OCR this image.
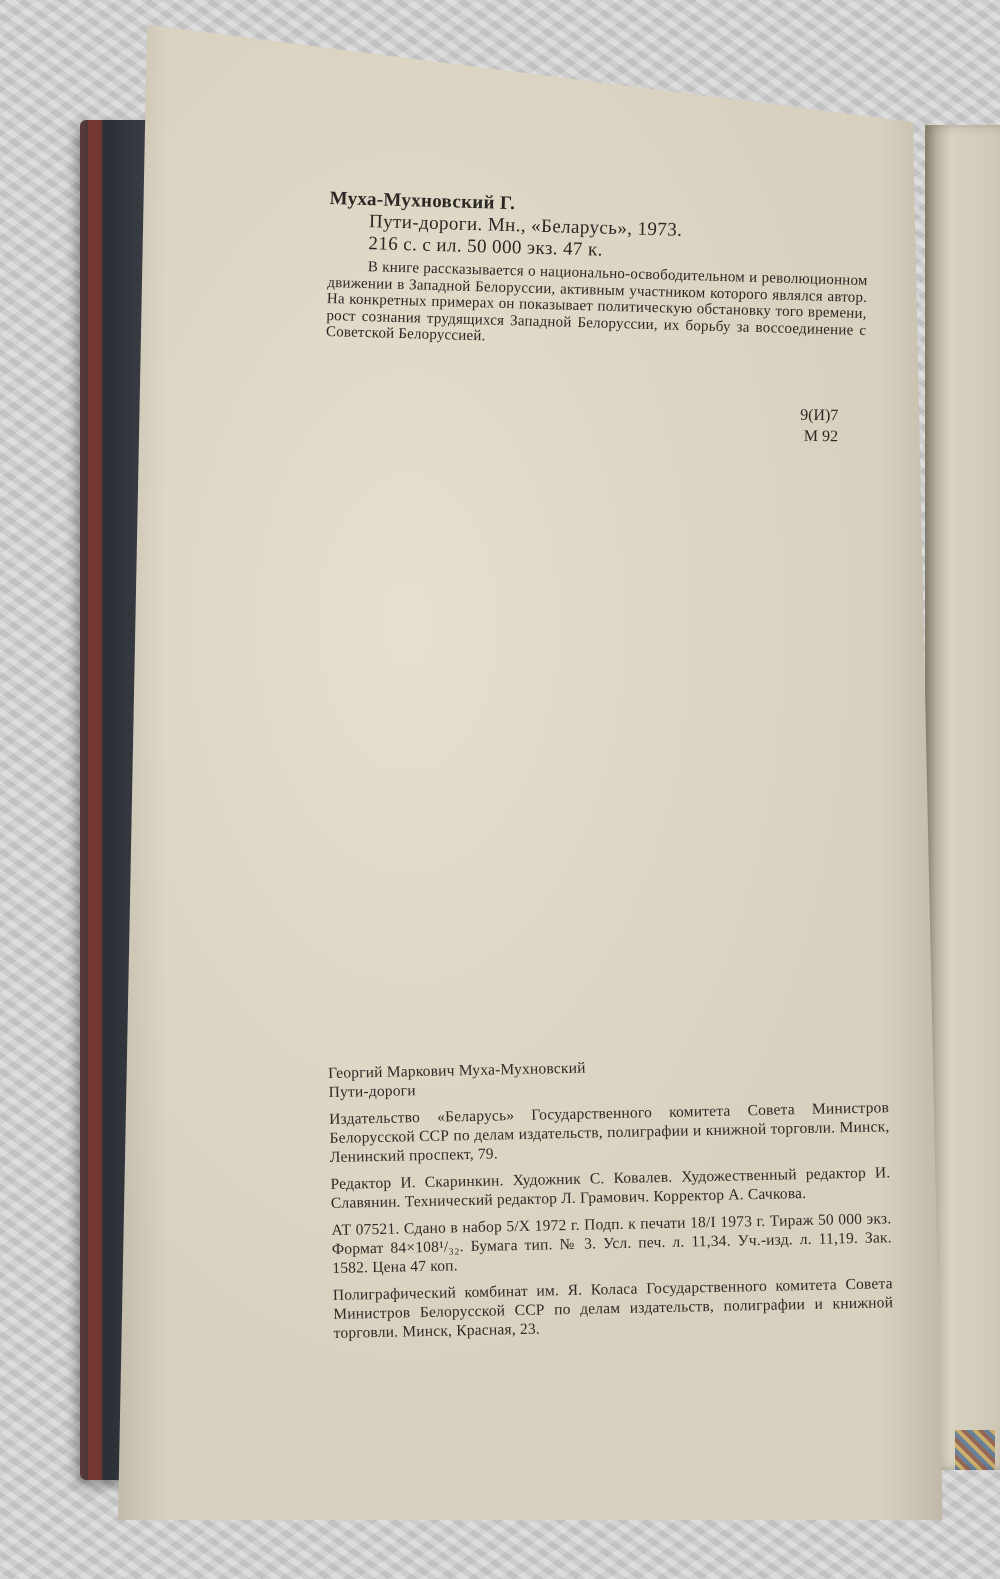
Муха-Мухновский Г.
Пути-дороги. Мн., «Беларусь», 1973.
216 с. с ил. 50 000 экз. 47 к.
В книге рассказывается о национально-освободительном и революционном движении в Западной Белоруссии, активным участником которого являлся автор. На конкретных примерах он показывает политическую обстановку того времени, рост сознания трудящихся Западной Белоруссии, их борьбу за воссоединение с Советской Белоруссией.
9(И)7
М 92
Георгий Маркович Муха-Мухновский
Пути-дороги

Издательство «Беларусь» Государственного комитета Совета Министров Белорусской ССР по делам издательств, полиграфии и книжной торговли. Минск, Ленинский проспект, 79.

Редактор И. Скаринкин. Художник С. Ковалев. Художественный редактор И. Славянин. Технический редактор Л. Грамович. Корректор А. Сачкова.

АТ 07521. Сдано в набор 5/X 1972 г. Подп. к печати 18/I 1973 г. Тираж 50 000 экз. Формат 84×108¹/₃₂. Бумага тип. № 3. Усл. печ. л. 11,34. Уч.-изд. л. 11,19. Зак. 1582. Цена 47 коп.

Полиграфический комбинат им. Я. Коласа Государственного комитета Совета Министров Белорусской ССР по делам издательств, полиграфии и книжной торговли. Минск, Красная, 23.
